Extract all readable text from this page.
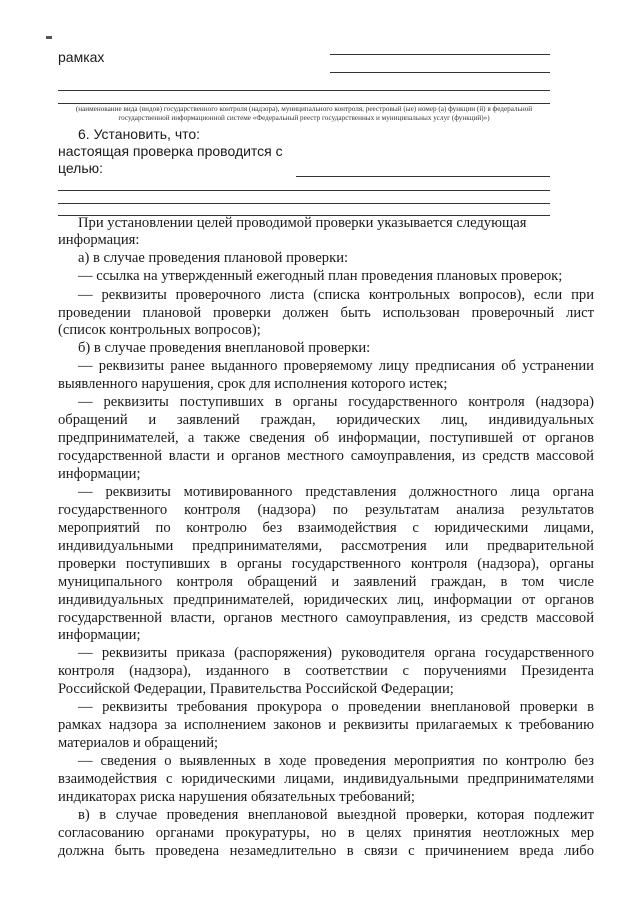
рамках
(наименование вида (видов) государственного контроля (надзора), муниципального контроля, реестровый (ые) номер (а) функции (й) в федеральной
государственной информационной системе «Федеральный реестр государственных и муниципальных услуг (функций)»)
6. Установить, что:
настоящая проверка проводится с
целью:
При установлении целей проводимой проверки указывается следующая
информация:
а) в случае проведения плановой проверки:
— ссылка на утвержденный ежегодный план проведения плановых проверок;
— реквизиты проверочного листа (списка контрольных вопросов), если при
проведении плановой проверки должен быть использован проверочный лист
(список контрольных вопросов);
б) в случае проведения внеплановой проверки:
— реквизиты ранее выданного проверяемому лицу предписания об устранении
выявленного нарушения, срок для исполнения которого истек;
— реквизиты поступивших в органы государственного контроля (надзора)
обращений и заявлений граждан, юридических лиц, индивидуальных
предпринимателей, а также сведения об информации, поступившей от органов
государственной власти и органов местного самоуправления, из средств массовой
информации;
— реквизиты мотивированного представления должностного лица органа
государственного контроля (надзора) по результатам анализа результатов
мероприятий по контролю без взаимодействия с юридическими лицами,
индивидуальными предпринимателями, рассмотрения или предварительной
проверки поступивших в органы государственного контроля (надзора), органы
муниципального контроля обращений и заявлений граждан, в том числе
индивидуальных предпринимателей, юридических лиц, информации от органов
государственной власти, органов местного самоуправления, из средств массовой
информации;
— реквизиты приказа (распоряжения) руководителя органа государственного
контроля (надзора), изданного в соответствии с поручениями Президента
Российской Федерации, Правительства Российской Федерации;
— реквизиты требования прокурора о проведении внеплановой проверки в
рамках надзора за исполнением законов и реквизиты прилагаемых к требованию
материалов и обращений;
— сведения о выявленных в ходе проведения мероприятия по контролю без
взаимодействия с юридическими лицами, индивидуальными предпринимателями
индикаторах риска нарушения обязательных требований;
в) в случае проведения внеплановой выездной проверки, которая подлежит
согласованию органами прокуратуры, но в целях принятия неотложных мер
должна быть проведена незамедлительно в связи с причинением вреда либо
